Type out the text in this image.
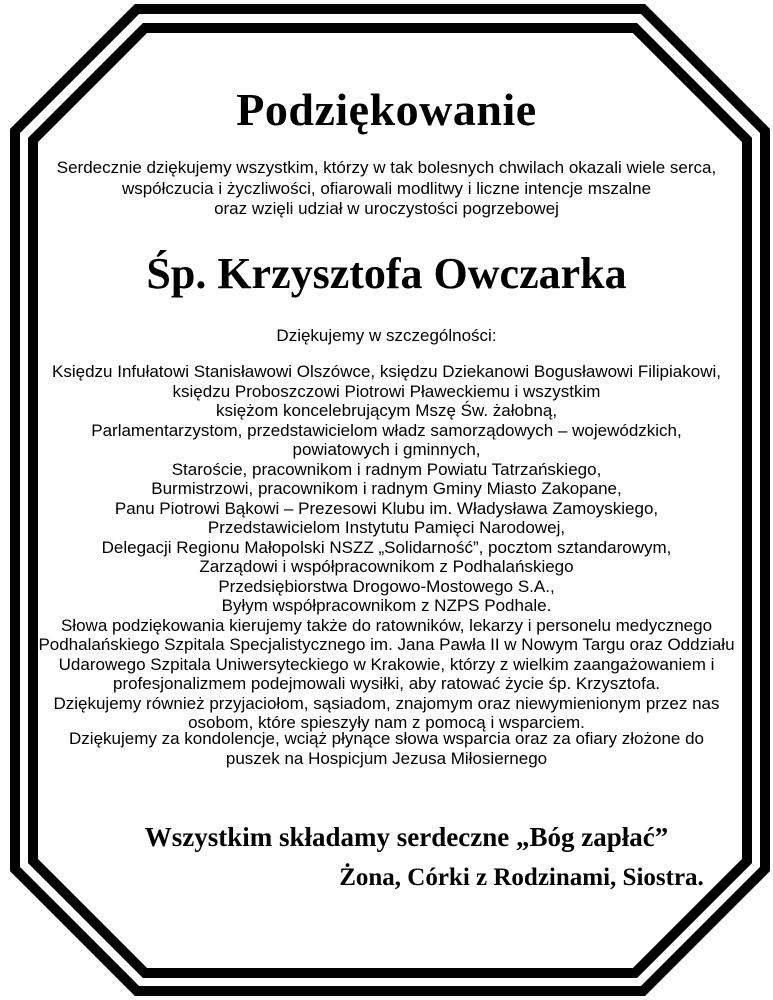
Podziękowanie
Serdecznie dziękujemy wszystkim, którzy w tak bolesnych chwilach okazali wiele serca,
współczucia i życzliwości, ofiarowali modlitwy i liczne intencje mszalne
oraz wzięli udział w uroczystości pogrzebowej
Śp. Krzysztofa Owczarka
Dziękujemy w szczególności:
Księdzu Infułatowi Stanisławowi Olszówce, księdzu Dziekanowi Bogusławowi Filipiakowi,
księdzu Proboszczowi Piotrowi Pławeckiemu i wszystkim
księżom koncelebrującym Mszę Św. żałobną,
Parlamentarzystom, przedstawicielom władz samorządowych – wojewódzkich,
powiatowych i gminnych,
Staroście, pracownikom i radnym Powiatu Tatrzańskiego,
Burmistrzowi, pracownikom i radnym Gminy Miasto Zakopane,
Panu Piotrowi Bąkowi – Prezesowi Klubu im. Władysława Zamoyskiego,
Przedstawicielom Instytutu Pamięci Narodowej,
Delegacji Regionu Małopolski NSZZ „Solidarność”, pocztom sztandarowym,
Zarządowi i współpracownikom z Podhalańskiego
Przedsiębiorstwa Drogowo-Mostowego S.A.,
Byłym współpracownikom z NZPS Podhale.
Słowa podziękowania kierujemy także do ratowników, lekarzy i personelu medycznego
Podhalańskiego Szpitala Specjalistycznego im. Jana Pawła II w Nowym Targu oraz Oddziału
Udarowego Szpitala Uniwersyteckiego w Krakowie, którzy z wielkim zaangażowaniem i
profesjonalizmem podejmowali wysiłki, aby ratować życie śp. Krzysztofa.
Dziękujemy również przyjaciołom, sąsiadom, znajomym oraz niewymienionym przez nas
osobom, które spieszyły nam z pomocą i wsparciem.
Dziękujemy za kondolencje, wciąż płynące słowa wsparcia oraz za ofiary złożone do
puszek na Hospicjum Jezusa Miłosiernego
Wszystkim składamy serdeczne „Bóg zapłać”
Żona, Córki z Rodzinami, Siostra.
